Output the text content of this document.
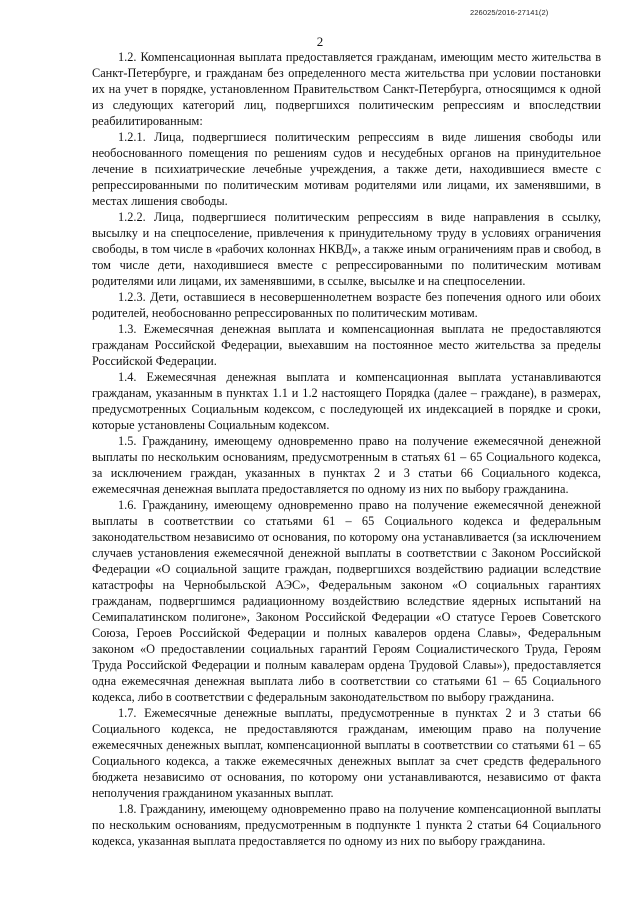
226025/2016-27141(2)
2

1.2. Компенсационная выплата предоставляется гражданам, имеющим место жительства в Санкт-Петербурге, и гражданам без определенного места жительства при условии постановки их на учет в порядке, установленном Правительством Санкт-Петербурга, относящимся к одной из следующих категорий лиц, подвергшихся политическим репрессиям и впоследствии реабилитированным:

1.2.1. Лица, подвергшиеся политическим репрессиям в виде лишения свободы или необоснованного помещения по решениям судов и несудебных органов на принудительное лечение в психиатрические лечебные учреждения, а также дети, находившиеся вместе с репрессированными по политическим мотивам родителями или лицами, их заменявшими, в местах лишения свободы.

1.2.2. Лица, подвергшиеся политическим репрессиям в виде направления в ссылку, высылку и на спецпоселение, привлечения к принудительному труду в условиях ограничения свободы, в том числе в «рабочих колоннах НКВД», а также иным ограничениям прав и свобод, в том числе дети, находившиеся вместе с репрессированными по политическим мотивам родителями или лицами, их заменявшими, в ссылке, высылке и на спецпоселении.

1.2.3. Дети, оставшиеся в несовершеннолетнем возрасте без попечения одного или обоих родителей, необоснованно репрессированных по политическим мотивам.

1.3. Ежемесячная денежная выплата и компенсационная выплата не предоставляются гражданам Российской Федерации, выехавшим на постоянное место жительства за пределы Российской Федерации.

1.4. Ежемесячная денежная выплата и компенсационная выплата устанавливаются гражданам, указанным в пунктах 1.1 и 1.2 настоящего Порядка (далее – граждане), в размерах, предусмотренных Социальным кодексом, с последующей их индексацией в порядке и сроки, которые установлены Социальным кодексом.

1.5. Гражданину, имеющему одновременно право на получение ежемесячной денежной выплаты по нескольким основаниям, предусмотренным в статьях 61 – 65 Социального кодекса, за исключением граждан, указанных в пунктах 2 и 3 статьи 66 Социального кодекса, ежемесячная денежная выплата предоставляется по одному из них по выбору гражданина.

1.6. Гражданину, имеющему одновременно право на получение ежемесячной денежной выплаты в соответствии со статьями 61 – 65 Социального кодекса и федеральным законодательством независимо от основания, по которому она устанавливается (за исключением случаев установления ежемесячной денежной выплаты в соответствии с Законом Российской Федерации «О социальной защите граждан, подвергшихся воздействию радиации вследствие катастрофы на Чернобыльской АЭС», Федеральным законом «О социальных гарантиях гражданам, подвергшимся радиационному воздействию вследствие ядерных испытаний на Семипалатинском полигоне», Законом Российской Федерации «О статусе Героев Советского Союза, Героев Российской Федерации и полных кавалеров ордена Славы», Федеральным законом «О предоставлении социальных гарантий Героям Социалистического Труда, Героям Труда Российской Федерации и полным кавалерам ордена Трудовой Славы»), предоставляется одна ежемесячная денежная выплата либо в соответствии со статьями 61 – 65 Социального кодекса, либо в соответствии с федеральным законодательством по выбору гражданина.

1.7. Ежемесячные денежные выплаты, предусмотренные в пунктах 2 и 3 статьи 66 Социального кодекса, не предоставляются гражданам, имеющим право на получение ежемесячных денежных выплат, компенсационной выплаты в соответствии со статьями 61 – 65 Социального кодекса, а также ежемесячных денежных выплат за счет средств федерального бюджета независимо от основания, по которому они устанавливаются, независимо от факта неполучения гражданином указанных выплат.

1.8. Гражданину, имеющему одновременно право на получение компенсационной выплаты по нескольким основаниям, предусмотренным в подпункте 1 пункта 2 статьи 64 Социального кодекса, указанная выплата предоставляется по одному из них по выбору гражданина.
